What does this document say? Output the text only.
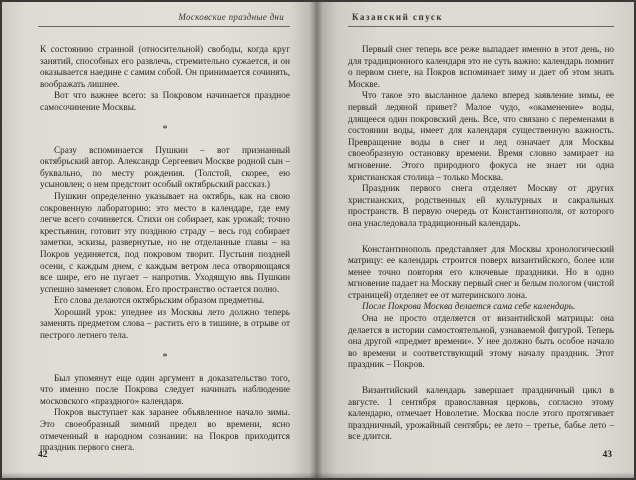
Московские праздные дни

К состоянию странной (относительной) свободы, когда круг занятий, способных его развлечь, стремительно сужается, и он оказывается наедине с самим собой. Он принимается сочинять, воображать лишнее.

Вот что важнее всего: за Покровом начинается праздное самосочинение Москвы.

*

Сразу вспоминается Пушкин – вот признанный октябрьский автор. Александр Сергеевич Москве родной сын – буквально, по месту рождения. (Толстой, скорее, ею усыновлен; о нем предстоит особый октябрьский рассказ.)

Пушкин определенно указывает на октябрь, как на свою сокровенную лабораторию: это место в календаре, где ему легче всего сочиняется. Стихи он собирает, как урожай; точно крестьянин, готовит эту позднюю страду – весь год собирает заметки, эскизы, развернутые, но не отделанные главы – на Покров уединяется, под покровом творит. Пустыня поздней осени, с каждым днем, с каждым ветром леса отворяющаяся все шире, его не пугает – напротив. Уходящую явь Пушкин успешно заменяет словом. Его пространство остается полно.

Его слова делаются октябрьским образом предметны.

Хороший урок: упеднее из Москвы лето должно теперь заменять предметом слова – растить его в тишине, в отрыве от пестрого летнего тела.

*

Был упомянут еще один аргумент в доказательство того, что именно после Покрова следует начинать наблюдение московского «праздного» календаря.

Покров выступает как заранее объявленное начало зимы. Это своеобразный зимний предел во времени, ясно отмеченный в народном сознании: на Покров приходится праздник первого снега.

42
Казанский спуск

Первый снег теперь все реже выпадает именно в этот день, но для традиционного календаря это не суть важно: календарь помнит о первом снеге, на Покров вспоминает зиму и дает об этом знать Москве.

Что такое это высланное далеко вперед заявление зимы, ее первый ледяной привет? Малое чудо, «окаменение» воды, длящееся один покровский день. Все, что связано с переменами в состоянии воды, имеет для календаря существенную важность. Превращение воды в снег и лед означает для Москвы своеобразную остановку времени. Время словно замирает на мгновение. Этого природного фокуса не знает ни одна христианская столица – только Москва.

Праздник первого снега отделяет Москву от других христианских, родственных ей культурных и сакральных пространств. В первую очередь от Константинополя, от которого она унаследовала традиционный календарь.

Константинополь представляет для Москвы хронологический матрицу: ее календарь строится поверх византийского, более или менее точно повторяя его ключевые праздники. Но в одно мгновение падает на Москву первый снег и белым пологом (чистой страницей) отделяет ее от материнского лона.

После Покрова Москва делается сама себе календарь.

Она не просто отделяется от византийской матрицы: она делается в истории самостоятельной, узнаваемой фигурой. Теперь она другой «предмет времени». У нее должно быть особое начало во времени и соответствующий этому началу праздник. Этот праздник – Покров.

Византийский календарь завершает праздничный цикл в августе. 1 сентября православная церковь, согласно этому календарю, отмечает Новолетие. Москва после этого протягивает праздничный, урожайный сентябрь; ее лето – третье, бабье лето – все длится.

43
